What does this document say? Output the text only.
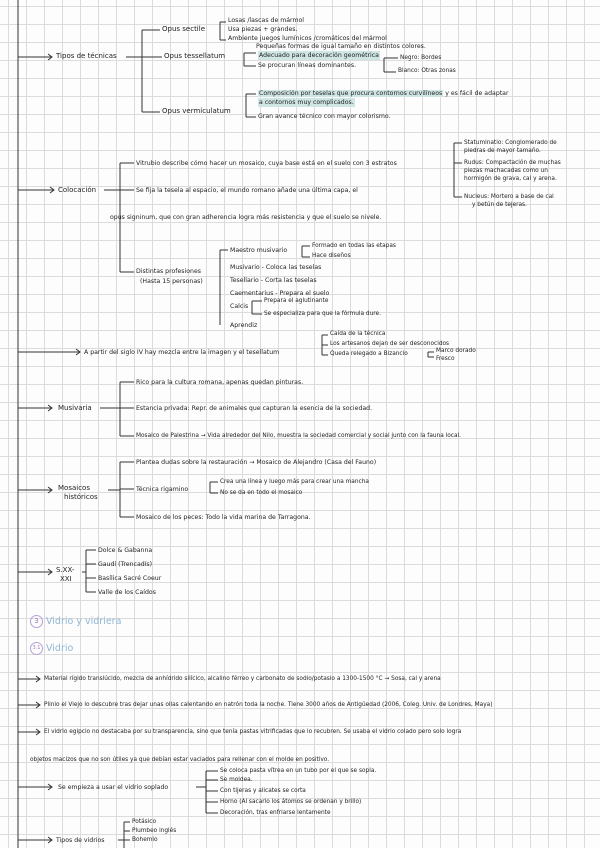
Tipos de técnicas
Opus sectile
Losas /lascas de mármol
Usa piezas + grandes.
Ambiente juegos lumínicos /cromáticos del mármol
Opus tessellatum
Pequeñas formas de igual tamaño en distintos colores.
Adecuado para decoración geométrica
Se procuran líneas dominantes.
Negro: Bordes
Blanco: Otras zonas
Opus vermiculatum
Composición por teselas que procura contornos curvilíneos y es fácil de adaptar
a contornos muy complicados.
Gran avance técnico con mayor colorismo.
Colocación
Vitrubio describe cómo hacer un mosaico, cuya base está en el suelo con 3 estratos
Statuminatio: Conglomerado de
piedras de mayor tamaño.
Rudus: Compactación de muchas
piezas machacadas como un
hormigón de grava, cal y arena.
Nucleus: Mortero a base de cal
y betún de tejeras.
Se fija la tesela al espacio, el mundo romano añade una última capa, el
opus signinum, que con gran adherencia logra más resistencia y que el suelo se nivele.
Distintas profesiones
(Hasta 15 personas)
Maestro musivario
Formado en todas las etapas
Hace diseños
Musivario - Coloca las teselas
Tesellario - Corta las teselas
Caementarius - Prepara el suelo
Calcis
Prepara el aglutinante
Se especializa para que la fórmula dure.
Aprendiz
A partir del siglo IV hay mezcla entre la imagen y el tesellatum
Caída de la técnica
Los artesanos dejan de ser desconocidos
Queda relegado a Bizancio	Marco dorado
Fresco
Musivaria
Rico para la cultura romana, apenas quedan pinturas.
Estancia privada: Repr. de animales que capturan la esencia de la sociedad.
Mosaico de Palestrina → Vida alrededor del Nilo, muestra la sociedad comercial y social junto con la fauna local.
Mosaicos
históricos
Plantea dudas sobre la restauración → Mosaico de Alejandro (Casa del Fauno)
Técnica rigamino
Crea una línea y luego más para crear una mancha
No se da en todo el mosaico
Mosaico de los peces: Todo la vida marina de Tarragona.
S.XX-
XXI
Dolce & Gabanna
Gaudí (Trencadís)
Basílica Sacré Coeur
Valle de los Caídos
3 Vidrio y vidriera
3.1 Vidrio
Material rígido translúcido, mezcla de anhídrido silícico, alcalino férreo y carbonato de sodio/potasio a 1300-1500 °C → Sosa, cal y arena
Plinio el Viejo lo descubre tras dejar unas ollas calentando en natrón toda la noche. Tiene 3000 años de Antigüedad (2006, Coleg. Univ. de Londres, Maya)
El vidrio egipcio no destacaba por su transparencia, sino que tenía pastas vitrificadas que lo recubren. Se usaba el vidrio colado pero solo logra
objetos macizos que no son útiles ya que debían estar vaciados para rellenar con el molde en positivo.
Se empieza a usar el vidrio soplado
Se coloca pasta vítrea en un tubo por el que se sopla.
Se moldea.
Con tijeras y alicates se corta
Horno (Al sacarlo los átomos se ordenan y brillo)
Decoración, tras enfriarse lentamente
Tipos de vidrios
Potásico
Plumbeo inglés
Bohemio
